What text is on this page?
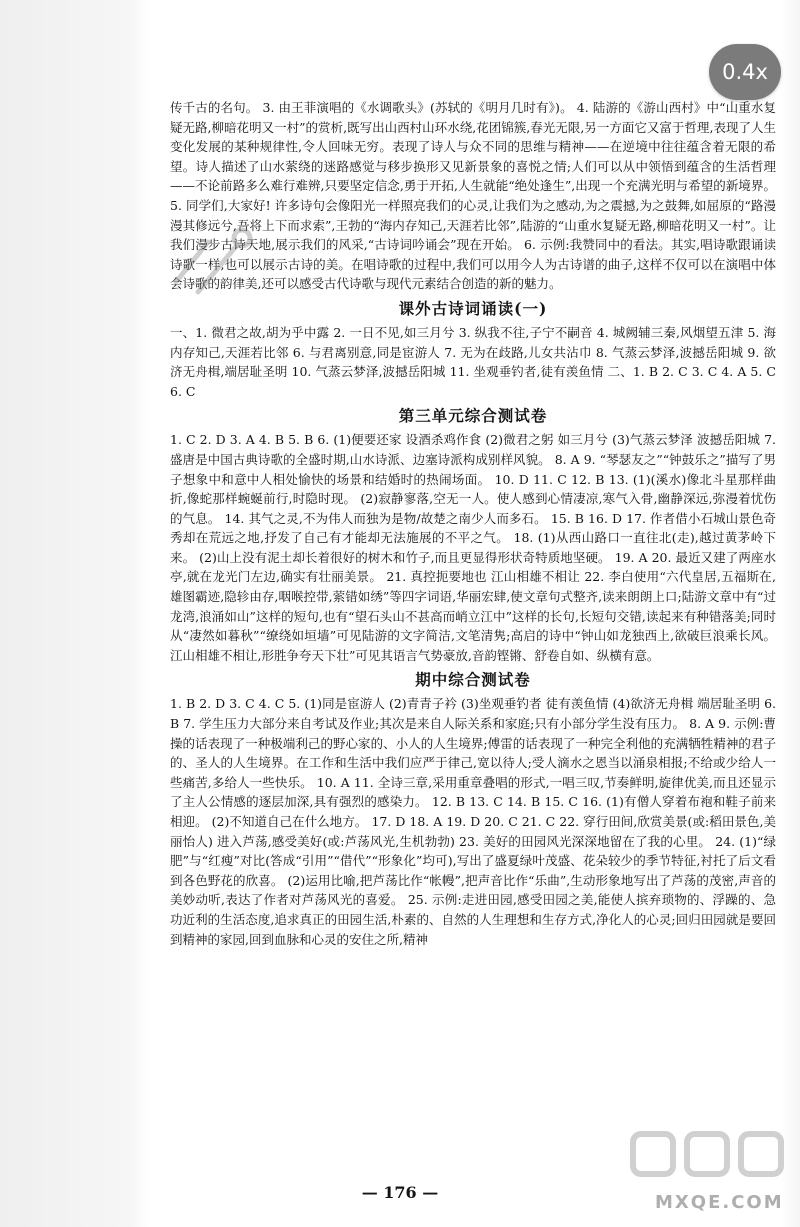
传千古的名句。 3. 由王菲演唱的《水调歌头》(苏轼的《明月几时有》)。 4. 陆游的《游山西村》中“山重水复疑无路,柳暗花明又一村”的赏析,既写出山西村山环水绕,花团锦簇,春光无限,另一方面它又富于哲理,表现了人生变化发展的某种规律性,令人回味无穷。表现了诗人与众不同的思维与精神——在逆境中往往蕴含着无限的希望。诗人描述了山水萦绕的迷路感觉与移步换形又见新景象的喜悦之情;人们可以从中领悟到蕴含的生活哲理——不论前路多么难行难辨,只要坚定信念,勇于开拓,人生就能“绝处逢生”,出现一个充满光明与希望的新境界。 5. 同学们,大家好! 许多诗句会像阳光一样照亮我们的心灵,让我们为之感动,为之震撼,为之鼓舞,如屈原的“路漫漫其修远兮,吾将上下而求索”,王勃的“海内存知己,天涯若比邻”,陆游的“山重水复疑无路,柳暗花明又一村”。让我们漫步古诗天地,展示我们的风采,“古诗词吟诵会”现在开始。 6. 示例:我赞同中的看法。其实,唱诗歌跟诵读诗歌一样,也可以展示古诗的美。在唱诗歌的过程中,我们可以用今人为古诗谱的曲子,这样不仅可以在演唱中体会诗歌的韵律美,还可以感受古代诗歌与现代元素结合创造的新的魅力。

课外古诗词诵读(一)

一、1. 微君之故,胡为乎中露 2. 一日不见,如三月兮 3. 纵我不往,子宁不嗣音 4. 城阙辅三秦,风烟望五津 5. 海内存知己,天涯若比邻 6. 与君离别意,同是宦游人 7. 无为在歧路,儿女共沾巾 8. 气蒸云梦泽,波撼岳阳城 9. 欲济无舟楫,端居耻圣明 10. 气蒸云梦泽,波撼岳阳城 11. 坐观垂钓者,徒有羡鱼情 二、1. B 2. C 3. C 4. A 5. C 6. C

第三单元综合测试卷

1. C 2. D 3. A 4. B 5. B 6. (1)便要还家 设酒杀鸡作食 (2)微君之躬 如三月兮 (3)气蒸云梦泽 波撼岳阳城 7. 盛唐是中国古典诗歌的全盛时期,山水诗派、边塞诗派构成别样风貌。 8. A 9. “琴瑟友之”“钟鼓乐之”描写了男子想象中和意中人相处愉快的场景和结婚时的热闹场面。 10. D 11. C 12. B 13. (1)(溪水)像北斗星那样曲折,像蛇那样蜿蜒前行,时隐时现。 (2)寂静寥落,空无一人。使人感到心情凄凉,寒气入骨,幽静深远,弥漫着忧伤的气息。 14. 其气之灵,不为伟人而独为是物/故楚之南少人而多石。 15. B 16. D 17. 作者借小石城山景色奇秀却在荒远之地,抒发了自己有才能却无法施展的不平之气。 18. (1)从西山路口一直往北(走),越过黄茅岭下来。 (2)山上没有泥土却长着很好的树木和竹子,而且更显得形状奇特质地坚硬。 19. A 20. 最近又建了两座水亭,就在龙光门左边,确实有壮丽美景。 21. 真控扼要地也 江山相雄不相让 22. 李白使用“六代皇居,五福斯在,雄图霸迹,隐轸由存,咽喉控带,萦错如绣”等四字词语,华丽宏肆,使文章句式整齐,读来朗朗上口;陆游文章中有“过龙湾,浪涌如山”这样的短句,也有“望石头山不甚高而峭立江中”这样的长句,长短句交错,读起来有种错落美;同时从“凄然如暮秋”“缭绕如垣墙”可见陆游的文字简洁,文笔清隽;高启的诗中“钟山如龙独西上,欲破巨浪乘长风。江山相雄不相让,形胜争夸天下壮”可见其语言气势豪放,音韵铿锵、舒卷自如、纵横有意。

期中综合测试卷

1. B 2. D 3. C 4. C 5. (1)同是宦游人 (2)青青子衿 (3)坐观垂钓者 徒有羡鱼情 (4)欲济无舟楫 端居耻圣明 6. B 7. 学生压力大部分来自考试及作业;其次是来自人际关系和家庭;只有小部分学生没有压力。 8. A 9. 示例:曹操的话表现了一种极端利己的野心家的、小人的人生境界;傅雷的话表现了一种完全利他的充满牺牲精神的君子的、圣人的人生境界。在工作和生活中我们应严于律己,宽以待人;受人滴水之恩当以涌泉相报;不给或少给人一些痛苦,多给人一些快乐。 10. A 11. 全诗三章,采用重章叠唱的形式,一唱三叹,节奏鲜明,旋律优美,而且还显示了主人公情感的逐层加深,具有强烈的感染力。 12. B 13. C 14. B 15. C 16. (1)有僧人穿着布袍和鞋子前来相迎。 (2)不知道自己在什么地方。 17. D 18. A 19. D 20. C 21. C 22. 穿行田间,欣赏美景(或:稻田景色,美丽怡人) 进入芦荡,感受美好(或:芦荡风光,生机勃勃) 23. 美好的田园风光深深地留在了我的心里。 24. (1)“绿肥”与“红瘦”对比(答成“引用”“借代”“形象化”均可),写出了盛夏绿叶茂盛、花朵较少的季节特征,衬托了后文看到各色野花的欣喜。 (2)运用比喻,把芦荡比作“帐幔”,把声音比作“乐曲”,生动形象地写出了芦荡的茂密,声音的美妙动听,表达了作者对芦荡风光的喜爱。 25. 示例:走进田园,感受田园之美,能使人摈弃琐物的、浮躁的、急功近利的生活态度,追求真正的田园生活,朴素的、自然的人生理想和生存方式,净化人的心灵;回归田园就是要回到精神的家园,回到血脉和心灵的安住之所,精神

— 176 —	MXQE.COM
0.4x
